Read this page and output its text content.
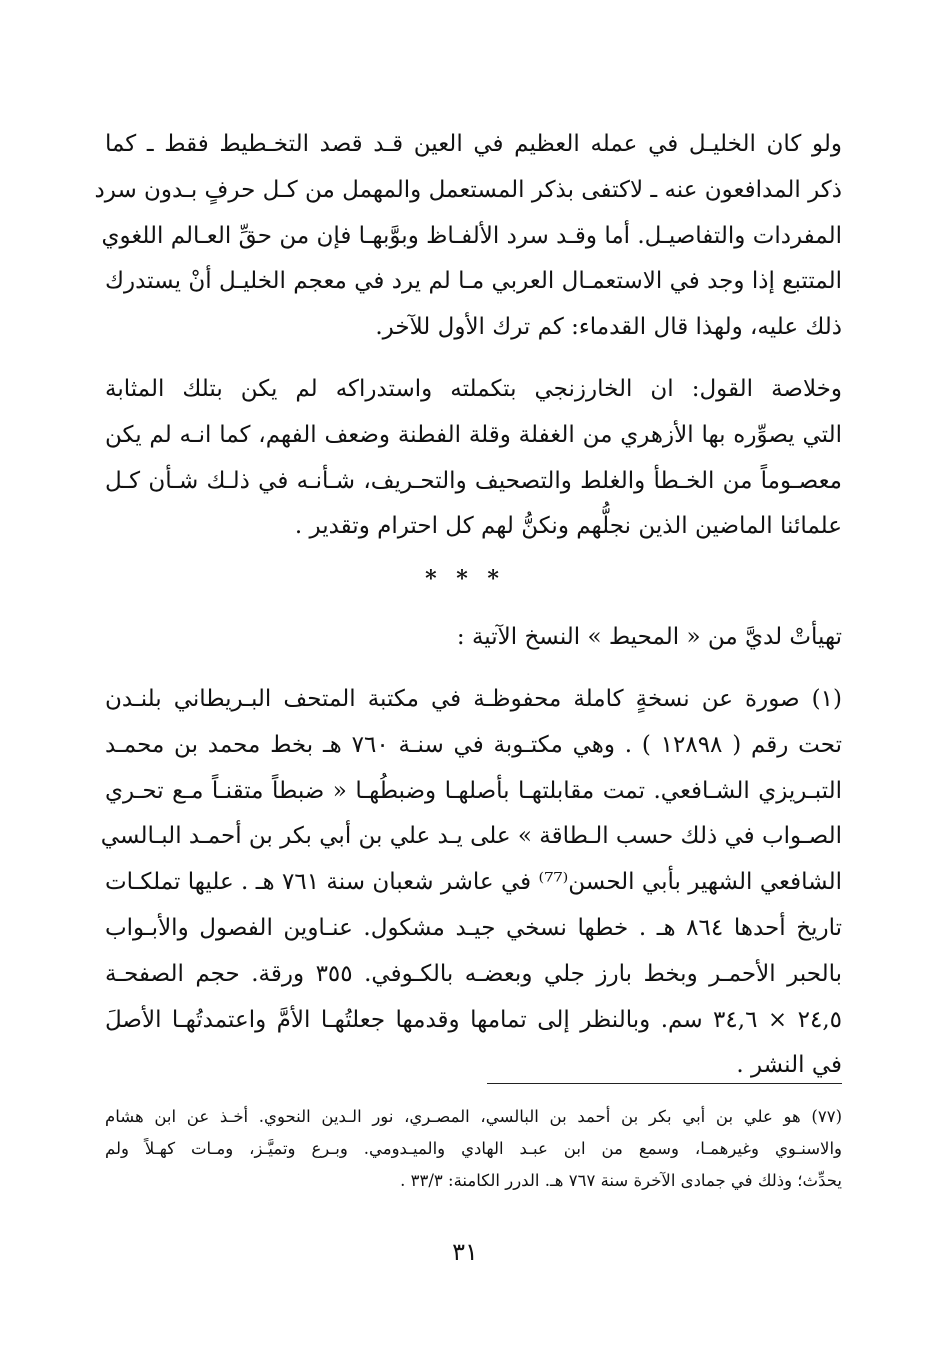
ولو كان الخليـل في عمله العظيم في العين قـد قصد التخـطيط فقط ـ كما
ذكر المدافعون عنه ـ لاكتفى بذكر المستعمل والمهمل من كـل حرفٍ بـدون سرد
المفردات والتفاصيـل. أما وقـد سرد الألفـاظ وبوَّبهـا فإن من حقِّ العـالم اللغوي
المتتبع إذا وجد في الاستعمـال العربي مـا لم يرد في معجم الخليـل أنْ يستدرك
ذلك عليه، ولهذا قال القدماء: كم ترك الأول للآخر.
وخلاصة القول: ان الخارزنجي بتكملته واستدراكه لم يكن بتلك المثابة
التي يصوِّره بها الأزهري من الغفلة وقلة الفطنة وضعف الفهم، كما انـه لم يكن
معصـوماً من الخـطأ والغلط والتصحيف والتحـريف، شـأنـه في ذلـك شـأن كـل
علمائنا الماضين الذين نجلُّهم ونكنُّ لهم كل احترام وتقدير .
* * *
تهيأتْ لديَّ من « المحيط » النسخ الآتية :
(١) صورة عن نسخةٍ كاملة محفوظـة في مكتبة المتحف البـريطاني بلنـدن
تحت رقم ( ١٢٨٩٨ ) . وهي مكتـوبة في سنـة ٧٦٠ هـ بخط محمد بن محمـد
التبـريزي الشـافعي. تمت مقابلتهـا بأصلهـا وضبطُهـا « ضبطاً متقنـاً مـع تحـري
الصـواب في ذلك حسب الـطاقة » على يـد علي بن أبي بكر بن أحمـد البـالسي
الشافعي الشهير بأبي الحسن⁽⁷⁷⁾ في عاشر شعبان سنة ٧٦١ هـ . عليها تملكـات
تاريخ أحدها ٨٦٤ هـ . خطها نسخي جيـد مشكول. عنـاوين الفصول والأبـواب
بالحبر الأحمـر وبخط بارز جلي وبعضـه بالكـوفي. ٣٥٥ ورقة. حجم الصفحـة
٢٤,٥ × ٣٤,٦ سم. وبالنظر إلى تمامها وقدمها جعلتُهـا الأمَّ واعتمدتُهـا الأصلَ
في النشر .
(٧٧) هو علي بن أبي بكر بن أحمد بن البالسي، المصـري، نور الـدين النحوي. أخـذ عن ابن هشام
والاسنـوي وغيرهمـا، وسمع من ابن عبـد الهادي والميـدومي. وبـرع وتميَّـز، ومـات كهـلاً ولم
يحدِّث؛ وذلك في جمادى الآخرة سنة ٧٦٧ هـ. الدرر الكامنة: ٣٣/٣ .
٣١
